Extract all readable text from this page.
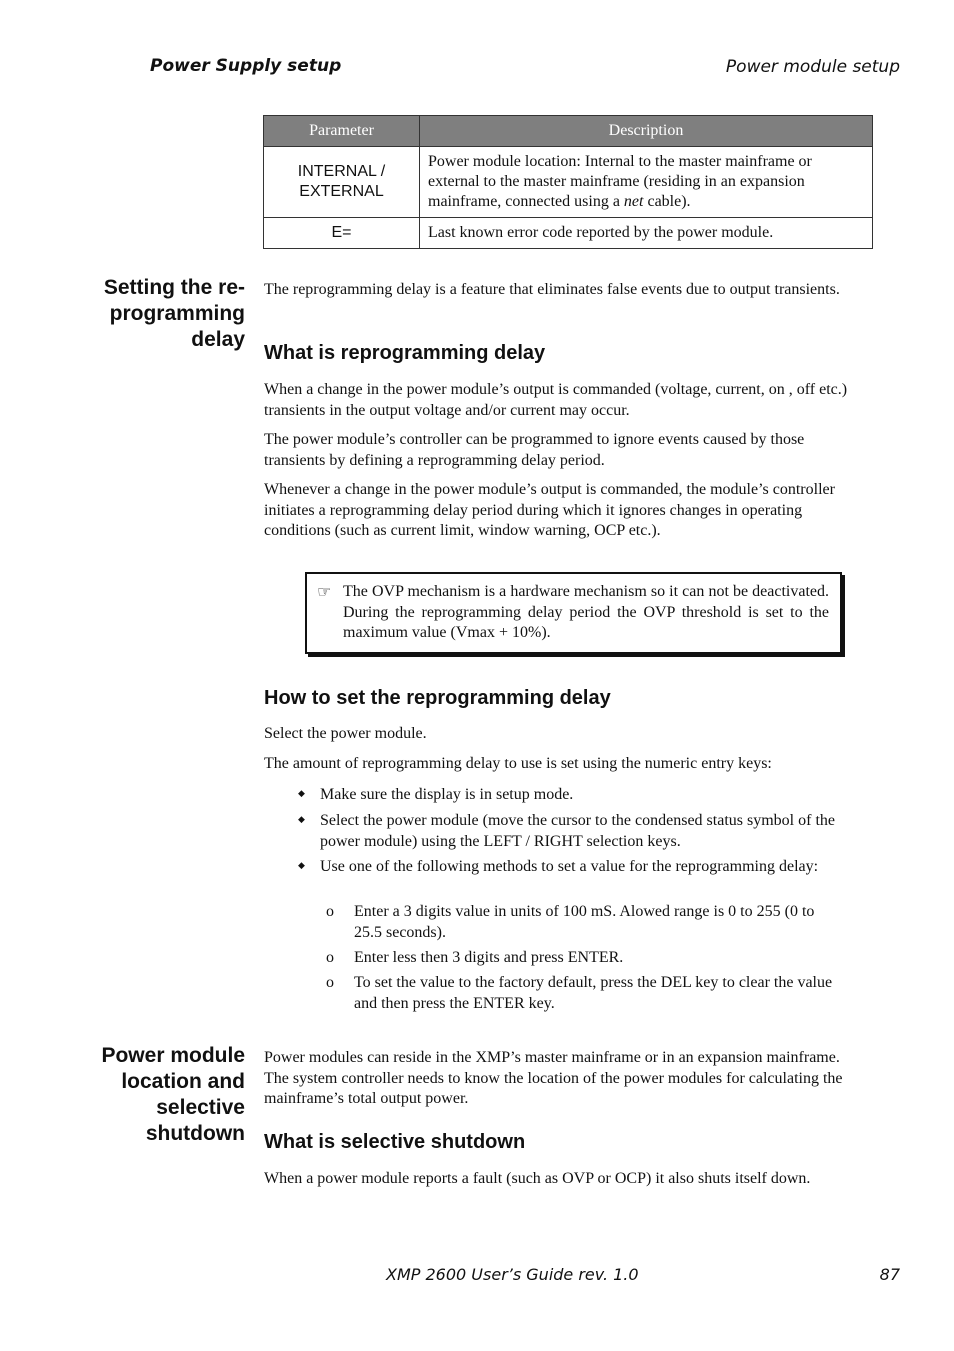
Power Supply setup	Power module setup
Parameter	Description
INTERNAL / EXTERNAL	Power module location: Internal to the master mainframe or external to the master mainframe (residing in an expansion mainframe, connected using a net cable).
E=	Last known error code reported by the power module.
Setting the re-programming delay
The reprogramming delay is a feature that eliminates false events due to output transients.
What is reprogramming delay
When a change in the power module’s output is commanded (voltage, current, on , off etc.) transients in the output voltage and/or current may occur.
The power module’s controller can be programmed to ignore events caused by those transients by defining a reprogramming delay period.
Whenever a change in the power module’s output is commanded, the module’s controller initiates a reprogramming delay period during which it ignores changes in operating conditions (such as current limit, window warning, OCP etc.).
☞ The OVP mechanism is a hardware mechanism so it can not be deactivated. During the reprogramming delay period the OVP threshold is set to the maximum value (Vmax + 10%).
How to set the reprogramming delay
Select the power module.
The amount of reprogramming delay to use is set using the numeric entry keys:
◆ Make sure the display is in setup mode.
◆ Select the power module (move the cursor to the condensed status symbol of the power module) using the LEFT / RIGHT selection keys.
◆ Use one of the following methods to set a value for the reprogramming delay:
o Enter a 3 digits value in units of 100 mS. Alowed range is 0 to 255 (0 to 25.5 seconds).
o Enter less then 3 digits and press ENTER.
o To set the value to the factory default, press the DEL key to clear the value and then press the ENTER key.
Power module location and selective shutdown
Power modules can reside in the XMP’s master mainframe or in an expansion mainframe. The system controller needs to know the location of the power modules for calculating the mainframe’s total output power.
What is selective shutdown
When a power module reports a fault (such as OVP or OCP) it also shuts itself down.
XMP 2600 User’s Guide rev. 1.0	87
